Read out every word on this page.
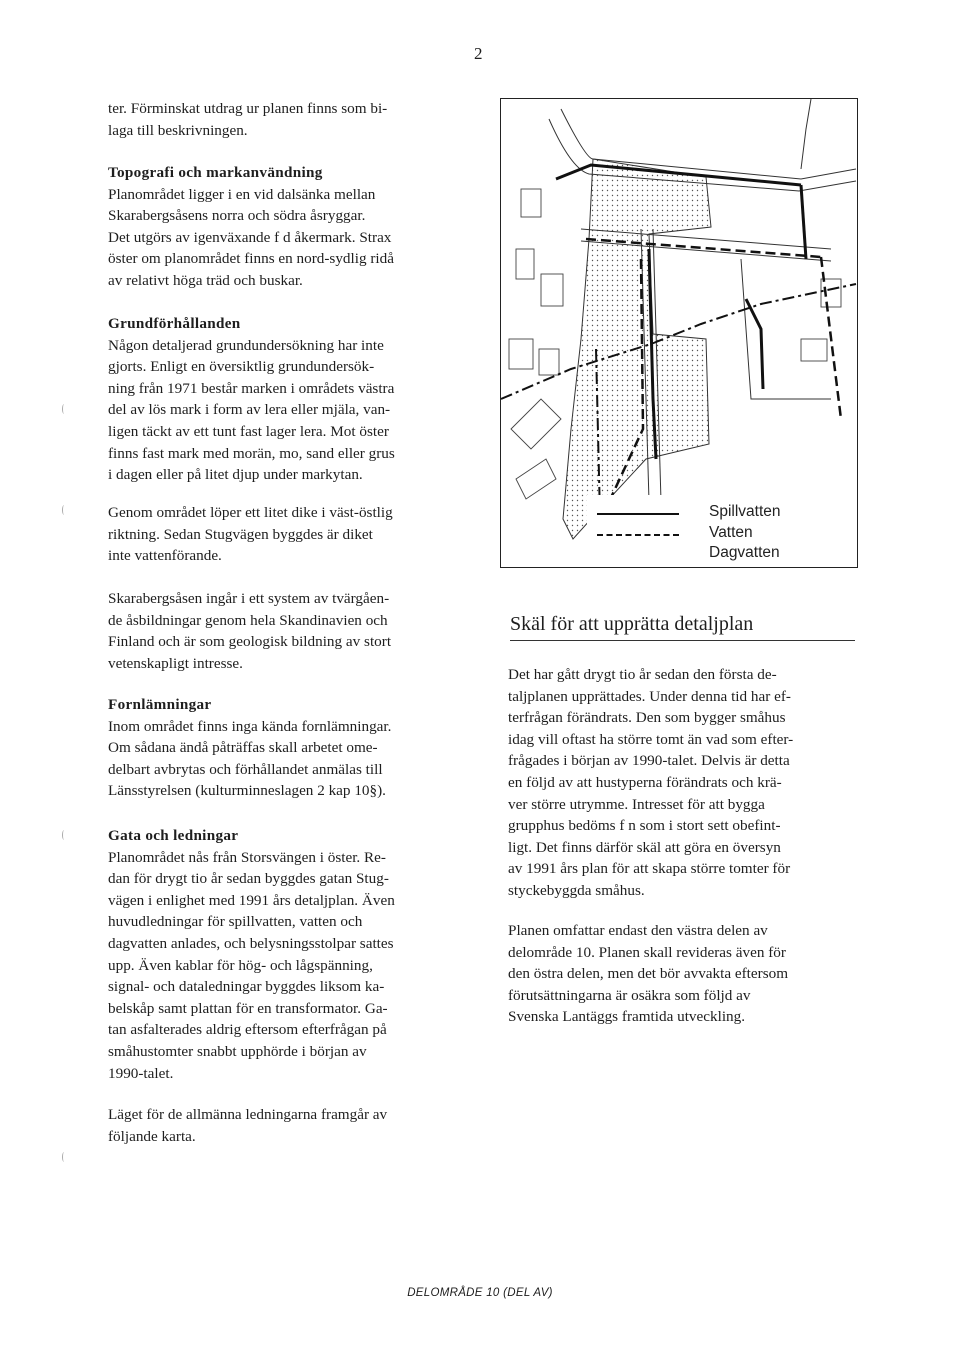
2

ter. Förminskat utdrag ur planen finns som bi-

laga till beskrivningen.

Topografi och markanvändning

Planområdet ligger i en vid dalsänka mellan

Skarabergsåsens norra och södra åsryggar.

Det utgörs av igenväxande f d åkermark. Strax

öster om planområdet finns en nord-sydlig ridå

av relativt höga träd och buskar.

Grundförhållanden

Någon detaljerad grundundersökning har inte

gjorts. Enligt en översiktlig grundundersök-

ning från 1971 består marken i områdets västra

del av lös mark i form av lera eller mjäla, van-

ligen täckt av ett tunt fast lager lera. Mot öster

finns fast mark med morän, mo, sand eller grus

i dagen eller på litet djup under markytan.

Genom området löper ett litet dike i väst-östlig

riktning. Sedan Stugvägen byggdes är diket

inte vattenförande.

Skarabergsåsen ingår i ett system av tvärgåen-

de åsbildningar genom hela Skandinavien och

Finland och är som geologisk bildning av stort

vetenskapligt intresse.

Fornlämningar

Inom området finns inga kända fornlämningar.

Om sådana ändå påträffas skall arbetet ome-

delbart avbrytas och förhållandet anmälas till

Länsstyrelsen (kulturminneslagen 2 kap 10§).

Gata och ledningar

Planområdet nås från Storsvängen i öster. Re-

dan för drygt tio år sedan byggdes gatan Stug-

vägen i enlighet med 1991 års detaljplan. Även

huvudledningar för spillvatten, vatten och

dagvatten anlades, och belysningsstolpar sattes

upp. Även kablar för hög- och lågspänning,

signal- och dataledningar byggdes liksom ka-

belskåp samt plattan för en transformator. Ga-

tan asfalterades aldrig eftersom efterfrågan på

småhustomter snabbt upphörde i början av

1990-talet.

Läget för de allmänna ledningarna framgår av

följande karta.

Spillvatten
Vatten
Dagvatten
Skäl för att upprätta detaljplan

Det har gått drygt tio år sedan den första de-

taljplanen upprättades. Under denna tid har ef-

terfrågan förändrats. Den som bygger småhus

idag vill oftast ha större tomt än vad som efter-

frågades i början av 1990-talet. Delvis är detta

en följd av att hustyperna förändrats och krä-

ver större utrymme. Intresset för att bygga

grupphus bedöms f n som i stort sett obefint-

ligt. Det finns därför skäl att göra en översyn

av 1991 års plan för att skapa större tomter för

styckebyggda småhus.

Planen omfattar endast den västra delen av

delområde 10. Planen skall revideras även för

den östra delen, men det bör avvakta eftersom

förutsättningarna är osäkra som följd av

Svenska Lantäggs framtida utveckling.

DELOMRÅDE 10 (DEL AV)
